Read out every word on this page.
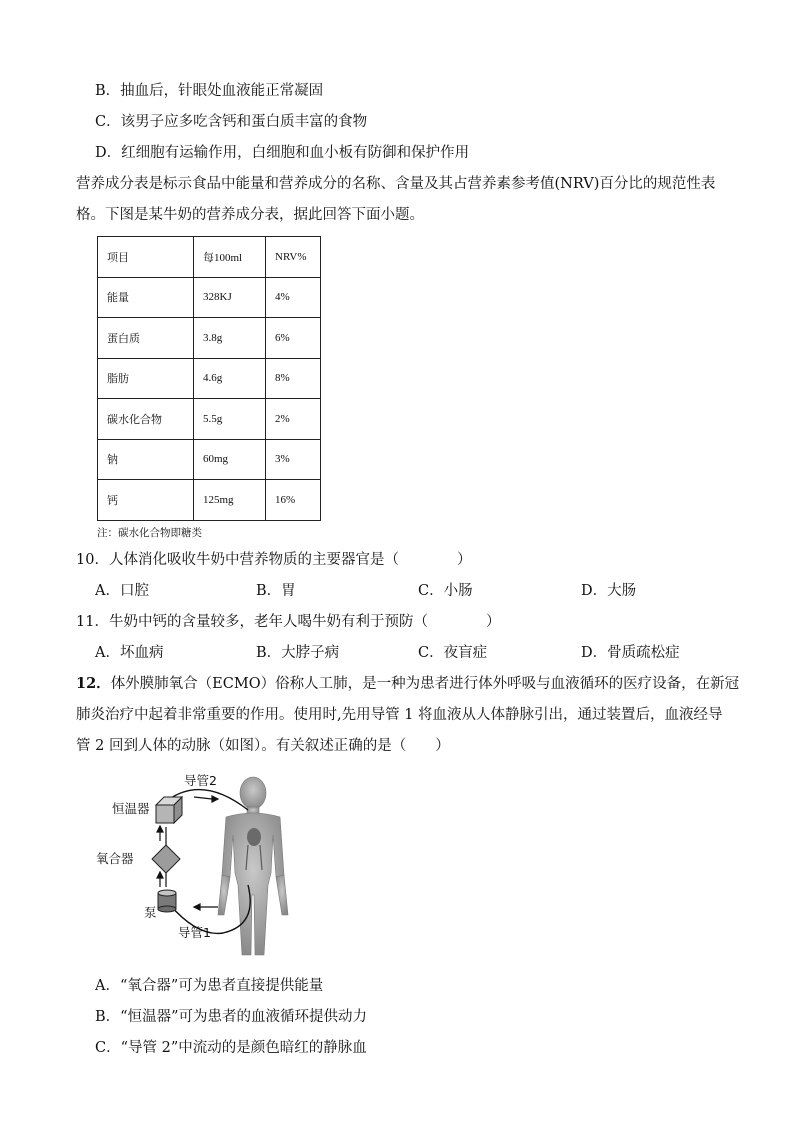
B．抽血后，针眼处血液能正常凝固
C．该男子应多吃含钙和蛋白质丰富的食物
D．红细胞有运输作用，白细胞和血小板有防御和保护作用
营养成分表是标示食品中能量和营养成分的名称、含量及其占营养素参考值(NRV)百分比的规范性表
格。下图是某牛奶的营养成分表，据此回答下面小题。
项目	每100ml	NRV%
能量	328KJ	4%
蛋白质	3.8g	6%
脂肪	4.6g	8%
碳水化合物	5.5g	2%
钠	60mg	3%
钙	125mg	16%
注：碳水化合物即糖类
10．人体消化吸收牛奶中营养物质的主要器官是（　　　　）
A．口腔	B．胃	C．小肠	D．大肠
11．牛奶中钙的含量较多，老年人喝牛奶有利于预防（　　　　）
A．坏血病	B．大脖子病	C．夜盲症	D．骨质疏松症
12．体外膜肺氧合（ECMO）俗称人工肺，是一种为患者进行体外呼吸与血液循环的医疗设备，在新冠
肺炎治疗中起着非常重要的作用。使用时,先用导管 1 将血液从人体静脉引出，通过装置后，血液经导
管 2 回到人体的动脉（如图）。有关叙述正确的是（　　）
导管2
恒温器
氧合器
泵
导管1
A．“氧合器”可为患者直接提供能量
B．“恒温器”可为患者的血液循环提供动力
C．“导管 2”中流动的是颜色暗红的静脉血
